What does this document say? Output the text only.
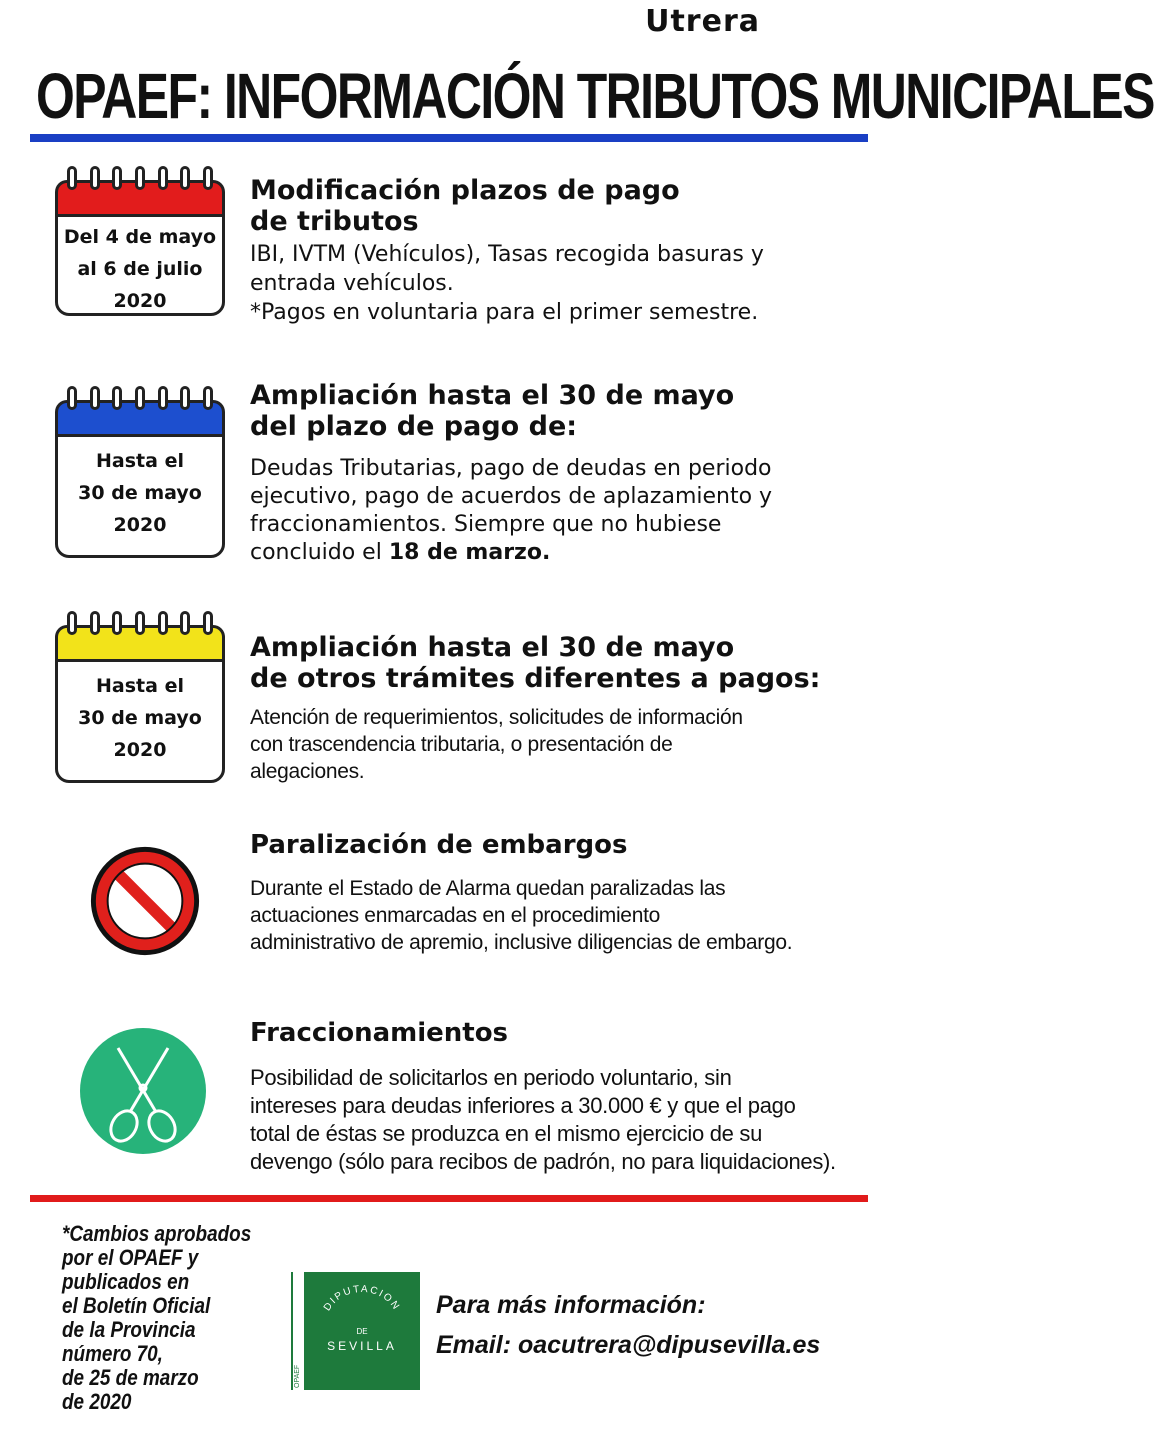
Utrera
OPAEF: INFORMACIÓN TRIBUTOS MUNICIPALES
Del 4 de mayo
al 6 de julio
2020
Modificación plazos de pago
de tributos
IBI, IVTM (Vehículos), Tasas recogida basuras y
entrada vehículos.
*Pagos en voluntaria para el primer semestre.
Hasta el
30 de mayo
2020
Ampliación hasta el 30 de mayo
del plazo de pago de:
Deudas Tributarias, pago de deudas en periodo
ejecutivo, pago de acuerdos de aplazamiento y
fraccionamientos. Siempre que no hubiese
concluido el 18 de marzo.
Hasta el
30 de mayo
2020
Ampliación hasta el 30 de mayo
de otros trámites diferentes a pagos:
Atención de requerimientos, solicitudes de información
con trascendencia tributaria, o presentación de
alegaciones.
Paralización de embargos
Durante el Estado de Alarma quedan paralizadas las
actuaciones enmarcadas en el procedimiento
administrativo de apremio, inclusive diligencias de embargo.
Fraccionamientos
Posibilidad de solicitarlos en periodo voluntario, sin
intereses para deudas inferiores a 30.000 € y que el pago
total de éstas se produzca en el mismo ejercicio de su
devengo (sólo para recibos de padrón, no para liquidaciones).
*Cambios aprobados
por el OPAEF y
publicados en
el Boletín Oficial
de la Provincia
número 70,
de 25 de marzo
de 2020
OPAEF
DIPUTACION
DE
SEVILLA
Para más información:
Email: oacutrera@dipusevilla.es
